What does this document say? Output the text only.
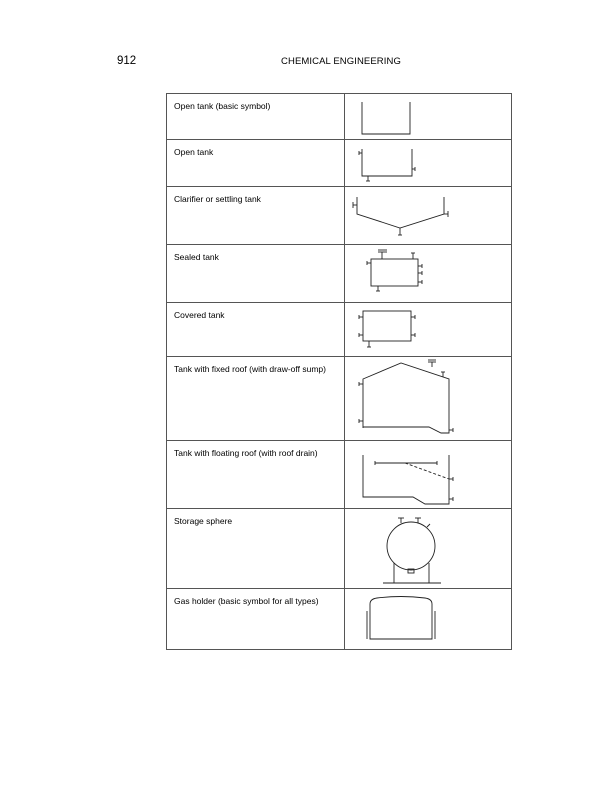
912	CHEMICAL ENGINEERING
Open tank (basic symbol)	

Open tank	

Clarifier or settling tank	

Sealed tank	

Covered tank	

Tank with fixed roof (with draw-off sump)	

Tank with floating roof (with roof drain)	

Storage sphere	

Gas holder (basic symbol for all types)	
